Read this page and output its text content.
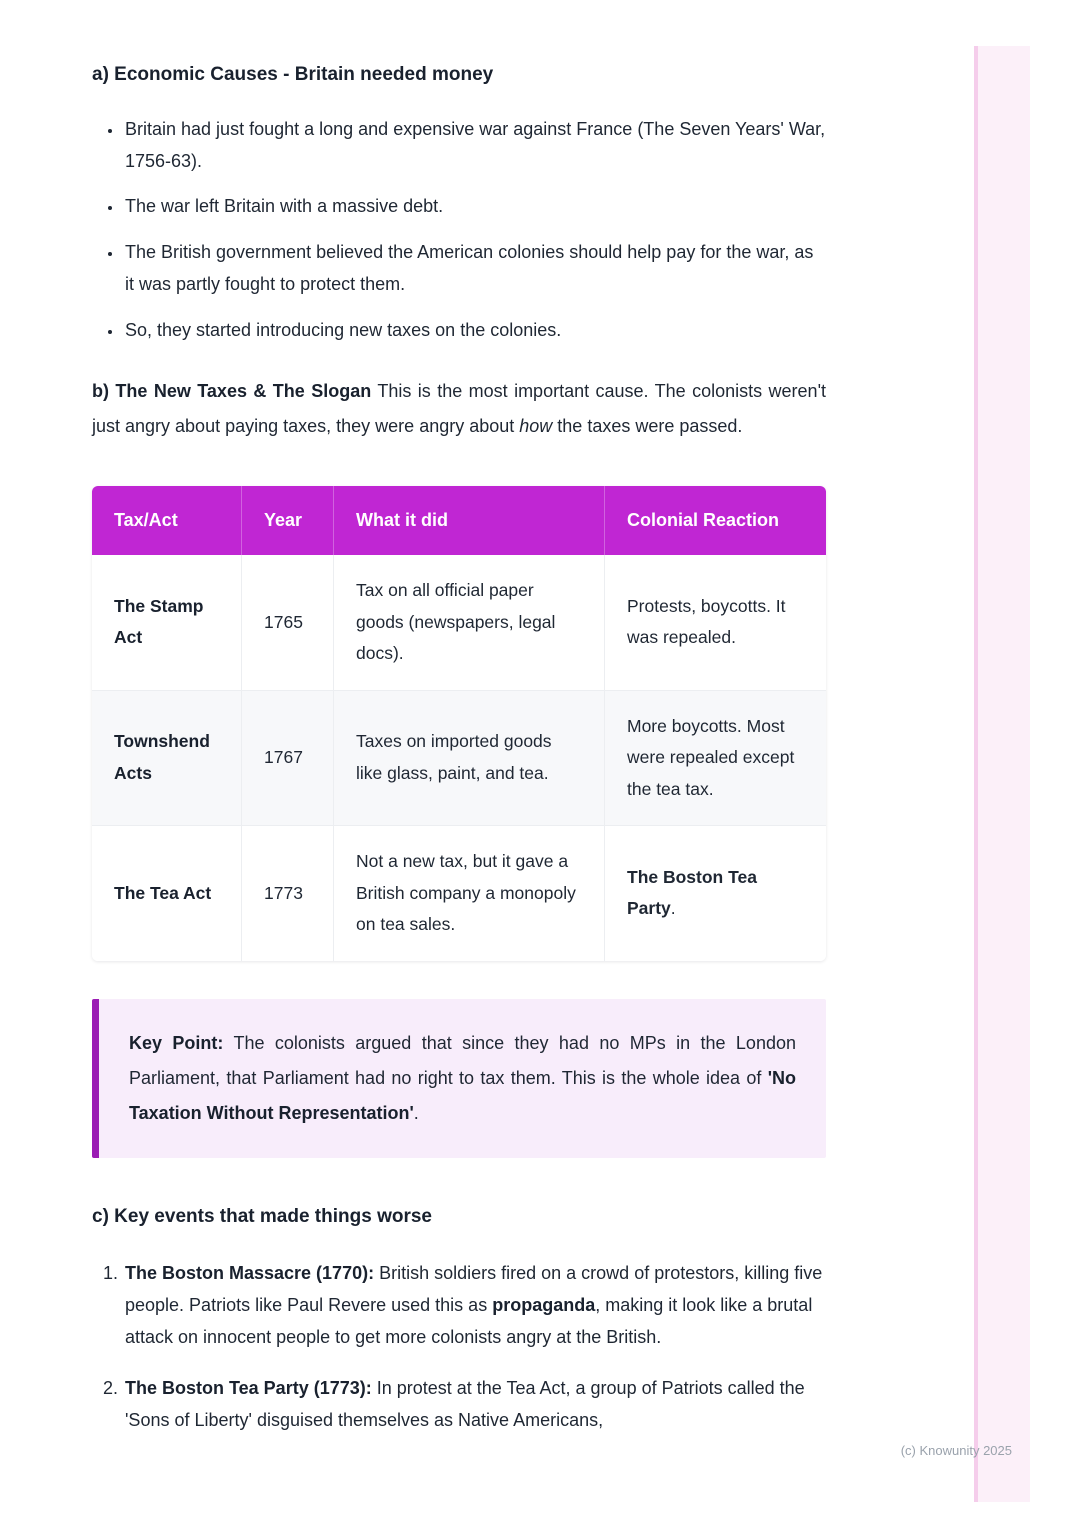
a) Economic Causes - Britain needed money
• Britain had just fought a long and expensive war against France (The Seven Years' War, 1756-63).
• The war left Britain with a massive debt.
• The British government believed the American colonies should help pay for the war, as it was partly fought to protect them.
• So, they started introducing new taxes on the colonies.

b) The New Taxes & The Slogan This is the most important cause. The colonists weren't just angry about paying taxes, they were angry about how the taxes were passed.

Tax/Act	Year	What it did	Colonial Reaction
The Stamp Act	1765	Tax on all official paper goods (newspapers, legal docs).	Protests, boycotts. It was repealed.
Townshend Acts	1767	Taxes on imported goods like glass, paint, and tea.	More boycotts. Most were repealed except the tea tax.
The Tea Act	1773	Not a new tax, but it gave a British company a monopoly on tea sales.	The Boston Tea Party.

Key Point: The colonists argued that since they had no MPs in the London Parliament, that Parliament had no right to tax them. This is the whole idea of 'No Taxation Without Representation'.

c) Key events that made things worse
1. The Boston Massacre (1770): British soldiers fired on a crowd of protestors, killing five people. Patriots like Paul Revere used this as propaganda, making it look like a brutal attack on innocent people to get more colonists angry at the British.
2. The Boston Tea Party (1773): In protest at the Tea Act, a group of Patriots called the 'Sons of Liberty' disguised themselves as Native Americans,
(c) Knowunity 2025
